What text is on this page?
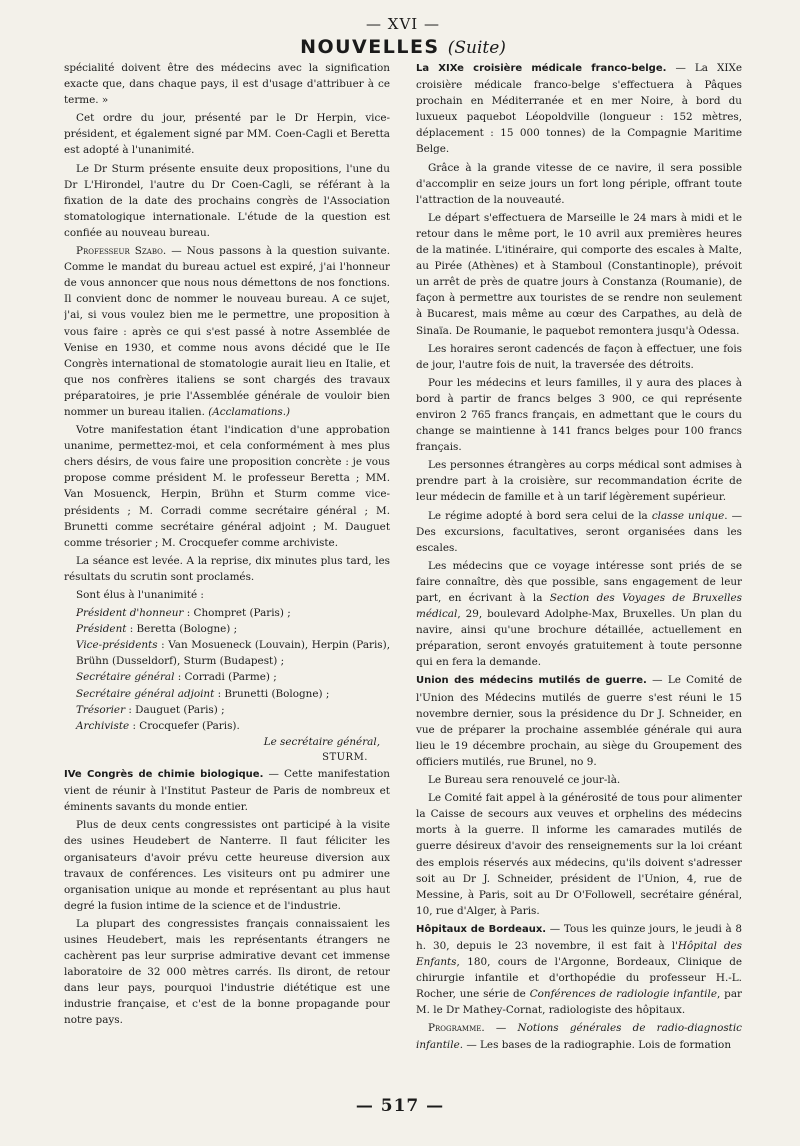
— XVI —
NOUVELLES (Suite)

spécialité doivent être des médecins avec la signification exacte que, dans chaque pays, il est d'usage d'attribuer à ce terme. »

Cet ordre du jour, présenté par le Dr Herpin, vice-président, et également signé par MM. Coen-Cagli et Beretta est adopté à l'unanimité.

Le Dr Sturm présente ensuite deux propositions, l'une du Dr L'Hirondel, l'autre du Dr Coen-Cagli, se référant à la fixation de la date des prochains congrès de l'Association stomatologique internationale. L'étude de la question est confiée au nouveau bureau.

Professeur Szabo. — Nous passons à la question suivante. Comme le mandat du bureau actuel est expiré, j'ai l'honneur de vous annoncer que nous nous démettons de nos fonctions. Il convient donc de nommer le nouveau bureau. A ce sujet, j'ai, si vous voulez bien me le permettre, une proposition à vous faire : après ce qui s'est passé à notre Assemblée de Venise en 1930, et comme nous avons décidé que le IIe Congrès international de stomatologie aurait lieu en Italie, et que nos confrères italiens se sont chargés des travaux préparatoires, je prie l'Assemblée générale de vouloir bien nommer un bureau italien. (Acclamations.)

Votre manifestation étant l'indication d'une approbation unanime, permettez-moi, et cela conformément à mes plus chers désirs, de vous faire une proposition concrète : je vous propose comme président M. le professeur Beretta ; MM. Van Mosuenck, Herpin, Brühn et Sturm comme vice-présidents ; M. Corradi comme secrétaire général ; M. Brunetti comme secrétaire général adjoint ; M. Dauguet comme trésorier ; M. Crocquefer comme archiviste.

La séance est levée. A la reprise, dix minutes plus tard, les résultats du scrutin sont proclamés.

Sont élus à l'unanimité :

Président d'honneur : Chompret (Paris) ;

Président : Beretta (Bologne) ;

Vice-présidents : Van Mosueneck (Louvain), Herpin (Paris), Brühn (Dusseldorf), Sturm (Budapest) ;

Secrétaire général : Corradi (Parme) ;

Secrétaire général adjoint : Brunetti (Bologne) ;

Trésorier : Dauguet (Paris) ;

Archiviste : Crocquefer (Paris).

Le secrétaire général,

STURM.

IVe Congrès de chimie biologique. — Cette manifestation vient de réunir à l'Institut Pasteur de Paris de nombreux et éminents savants du monde entier.

Plus de deux cents congressistes ont participé à la visite des usines Heudebert de Nanterre. Il faut féliciter les organisateurs d'avoir prévu cette heureuse diversion aux travaux de conférences. Les visiteurs ont pu admirer une organisation unique au monde et représentant au plus haut degré la fusion intime de la science et de l'industrie.

La plupart des congressistes français connaissaient les usines Heudebert, mais les représentants étrangers ne cachèrent pas leur surprise admirative devant cet immense laboratoire de 32 000 mètres carrés. Ils diront, de retour dans leur pays, pourquoi l'industrie diététique est une industrie française, et c'est de la bonne propagande pour notre pays.

La XIXe croisière médicale franco-belge. — La XIXe croisière médicale franco-belge s'effectuera à Pâques prochain en Méditerranée et en mer Noire, à bord du luxueux paquebot Léopoldville (longueur : 152 mètres, déplacement : 15 000 tonnes) de la Compagnie Maritime Belge.

Grâce à la grande vitesse de ce navire, il sera possible d'accomplir en seize jours un fort long périple, offrant toute l'attraction de la nouveauté.

Le départ s'effectuera de Marseille le 24 mars à midi et le retour dans le même port, le 10 avril aux premières heures de la matinée. L'itinéraire, qui comporte des escales à Malte, au Pirée (Athènes) et à Stamboul (Constantinople), prévoit un arrêt de près de quatre jours à Constanza (Roumanie), de façon à permettre aux touristes de se rendre non seulement à Bucarest, mais même au cœur des Carpathes, au delà de Sinaïa. De Roumanie, le paquebot remontera jusqu'à Odessa.

Les horaires seront cadencés de façon à effectuer, une fois de jour, l'autre fois de nuit, la traversée des détroits.

Pour les médecins et leurs familles, il y aura des places à bord à partir de francs belges 3 900, ce qui représente environ 2 765 francs français, en admettant que le cours du change se maintienne à 141 francs belges pour 100 francs français.

Les personnes étrangères au corps médical sont admises à prendre part à la croisière, sur recommandation écrite de leur médecin de famille et à un tarif légèrement supérieur.

Le régime adopté à bord sera celui de la classe unique. — Des excursions, facultatives, seront organisées dans les escales.

Les médecins que ce voyage intéresse sont priés de se faire connaître, dès que possible, sans engagement de leur part, en écrivant à la Section des Voyages de Bruxelles médical, 29, boulevard Adolphe-Max, Bruxelles. Un plan du navire, ainsi qu'une brochure détaillée, actuellement en préparation, seront envoyés gratuitement à toute personne qui en fera la demande.

Union des médecins mutilés de guerre. — Le Comité de l'Union des Médecins mutilés de guerre s'est réuni le 15 novembre dernier, sous la présidence du Dr J. Schneider, en vue de préparer la prochaine assemblée générale qui aura lieu le 19 décembre prochain, au siège du Groupement des officiers mutilés, rue Brunel, no 9.

Le Bureau sera renouvelé ce jour-là.

Le Comité fait appel à la générosité de tous pour alimenter la Caisse de secours aux veuves et orphelins des médecins morts à la guerre. Il informe les camarades mutilés de guerre désireux d'avoir des renseignements sur la loi créant des emplois réservés aux médecins, qu'ils doivent s'adresser soit au Dr J. Schneider, président de l'Union, 4, rue de Messine, à Paris, soit au Dr O'Followell, secrétaire général, 10, rue d'Alger, à Paris.

Hôpitaux de Bordeaux. — Tous les quinze jours, le jeudi à 8 h. 30, depuis le 23 novembre, il est fait à l'Hôpital des Enfants, 180, cours de l'Argonne, Bordeaux, Clinique de chirurgie infantile et d'orthopédie du professeur H.-L. Rocher, une série de Conférences de radiologie infantile, par M. le Dr Mathey-Cornat, radiologiste des hôpitaux.

Programme. — Notions générales de radio-diagnostic infantile. — Les bases de la radiographie. Lois de formation

— 517 —
